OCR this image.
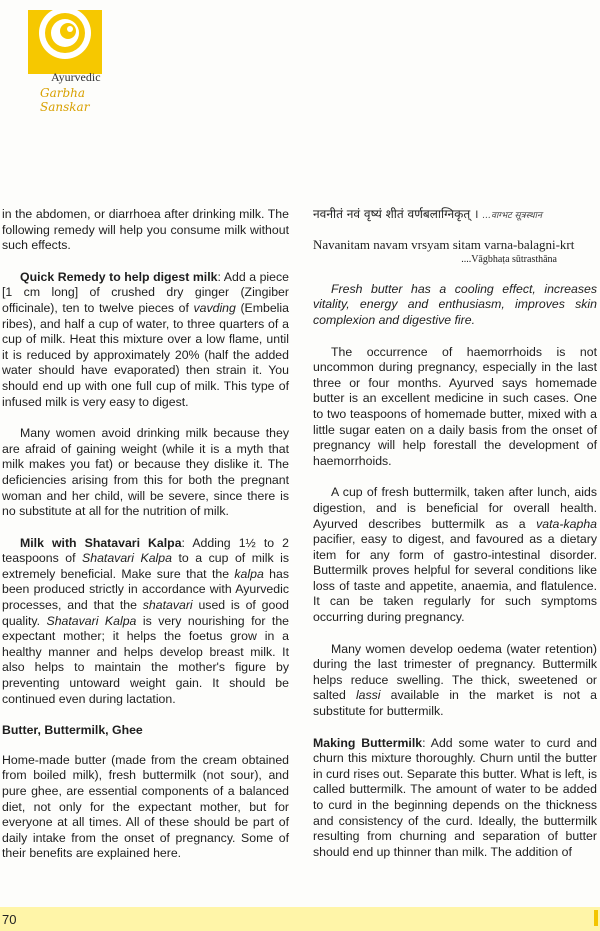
Ayurvedic
Garbha Sanskar

in the abdomen, or diarrhoea after drinking milk. The following remedy will help you consume milk without such effects.

Quick Remedy to help digest milk: Add a piece [1 cm long] of crushed dry ginger (Zingiber officinale), ten to twelve pieces of vavding (Embelia ribes), and half a cup of water, to three quarters of a cup of milk. Heat this mixture over a low flame, until it is reduced by approximately 20% (half the added water should have evaporated) then strain it. You should end up with one full cup of milk. This type of infused milk is very easy to digest.

Many women avoid drinking milk because they are afraid of gaining weight (while it is a myth that milk makes you fat) or because they dislike it. The deficiencies arising from this for both the pregnant woman and her child, will be severe, since there is no substitute at all for the nutrition of milk.

Milk with Shatavari Kalpa: Adding 1½ to 2 teaspoons of Shatavari Kalpa to a cup of milk is extremely beneficial. Make sure that the kalpa has been produced strictly in accordance with Ayurvedic processes, and that the shatavari used is of good quality. Shatavari Kalpa is very nourishing for the expectant mother; it helps the foetus grow in a healthy manner and helps develop breast milk. It also helps to maintain the mother's figure by preventing untoward weight gain. It should be continued even during lactation.

Butter, Buttermilk, Ghee

Home-made butter (made from the cream obtained from boiled milk), fresh buttermilk (not sour), and pure ghee, are essential components of a balanced diet, not only for the expectant mother, but for everyone at all times. All of these should be part of daily intake from the onset of pregnancy. Some of their benefits are explained here.

नवनीतं नवं वृष्यं शीतं वर्णबलाग्निकृत् । ...वाग्भट सूत्रस्थान

Navanitam navam vrsyam sitam varna-balagni-krt

....Vāgbhaṭa sūtrasthāna

Fresh butter has a cooling effect, increases vitality, energy and enthusiasm, improves skin complexion and digestive fire.

The occurrence of haemorrhoids is not uncommon during pregnancy, especially in the last three or four months. Ayurved says homemade butter is an excellent medicine in such cases. One to two teaspoons of homemade butter, mixed with a little sugar eaten on a daily basis from the onset of pregnancy will help forestall the development of haemorrhoids.

A cup of fresh buttermilk, taken after lunch, aids digestion, and is beneficial for overall health. Ayurved describes buttermilk as a vata-kapha pacifier, easy to digest, and favoured as a dietary item for any form of gastro-intestinal disorder. Buttermilk proves helpful for several conditions like loss of taste and appetite, anaemia, and flatulence. It can be taken regularly for such symptoms occurring during pregnancy.

Many women develop oedema (water retention) during the last trimester of pregnancy. Buttermilk helps reduce swelling. The thick, sweetened or salted lassi available in the market is not a substitute for buttermilk.

Making Buttermilk: Add some water to curd and churn this mixture thoroughly. Churn until the butter in curd rises out. Separate this butter. What is left, is called buttermilk. The amount of water to be added to curd in the beginning depends on the thickness and consistency of the curd. Ideally, the buttermilk resulting from churning and separation of butter should end up thinner than milk. The addition of

70
